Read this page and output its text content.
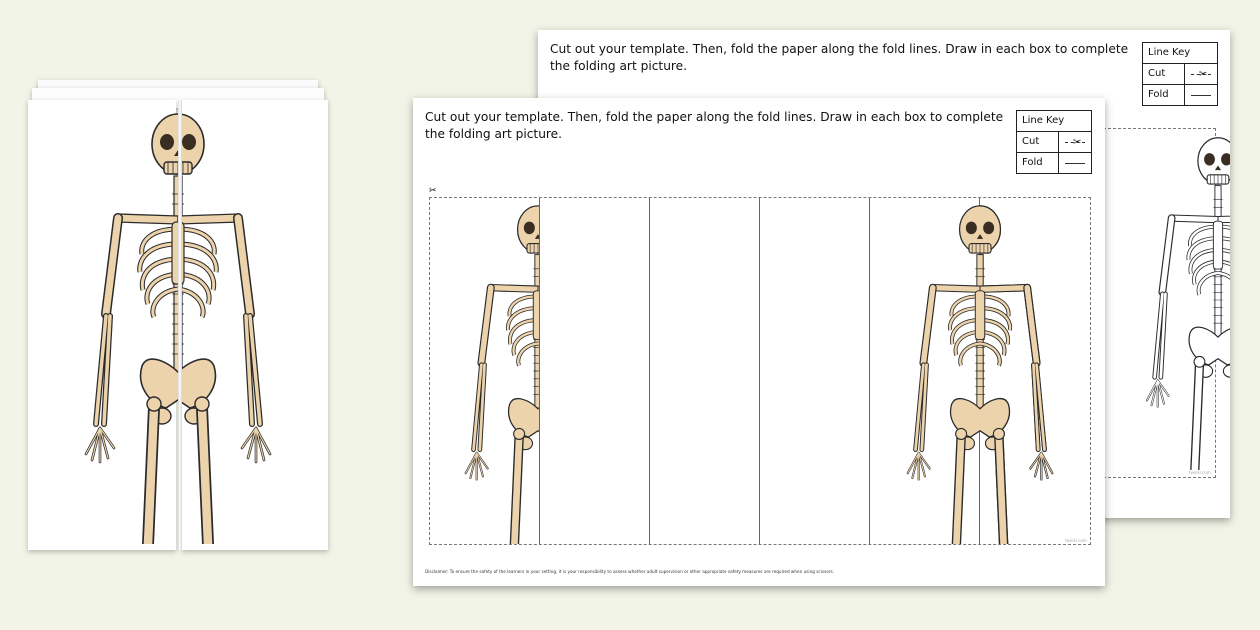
Cut out your template. Then, fold the paper along the fold lines. Draw in each box to complete the folding art picture.
Line Key
Cut	✂
Fold
twinkl.com
Cut out your template. Then, fold the paper along the fold lines. Draw in each box to complete the folding art picture.
Line Key
Cut	✂
Fold
✂
twinkl.com
Disclaimer: To ensure the safety of the learners in your setting, it is your responsibility to assess whether adult supervision or other appropriate safety measures are required when using scissors.
